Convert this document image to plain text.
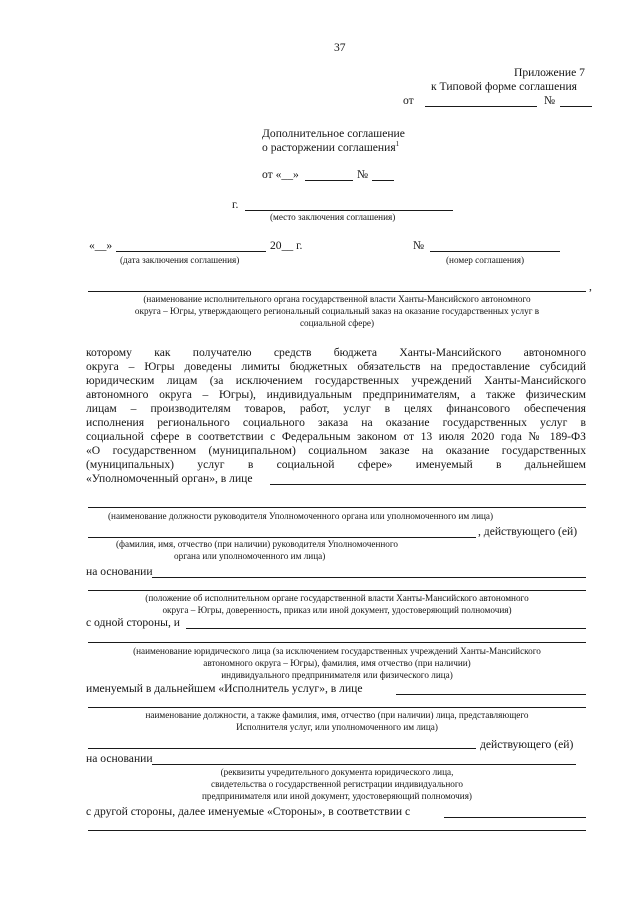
37
Приложение 7
к Типовой форме соглашения
от	№
Дополнительное соглашение
о расторжении соглашения$^1$
от «__»	№
г.
(место заключения соглашения)
«__»	20__ г.	№
(дата заключения соглашения)	(номер соглашения)
,
(наименование исполнительного органа государственной власти Ханты-Мансийского автономного
округа – Югры, утверждающего региональный социальный заказ на оказание государственных услуг в
социальной сфере)
которому как получателю средств бюджета Ханты-Мансийского автономного
округа – Югры доведены лимиты бюджетных обязательств на предоставление субсидий
юридическим лицам (за исключением государственных учреждений Ханты-Мансийского
автономного округа – Югры), индивидуальным предпринимателям, а также физическим
лицам – производителям товаров, работ, услуг в целях финансового обеспечения
исполнения регионального социального заказа на оказание государственных услуг в
социальной сфере в соответствии с Федеральным законом от 13 июля 2020 года № 189-ФЗ
«О государственном (муниципальном) социальном заказе на оказание государственных
(муниципальных) услуг в социальной сфере» именуемый в дальнейшем
«Уполномоченный орган», в лице
(наименование должности руководителя Уполномоченного органа или уполномоченного им лица)
, действующего (ей)
(фамилия, имя, отчество (при наличии) руководителя Уполномоченного
органа или уполномоченного им лица)
на основании
(положение об исполнительном органе государственной власти Ханты-Мансийского автономного
округа – Югры, доверенность, приказ или иной документ, удостоверяющий полномочия)
с одной стороны, и
(наименование юридического лица (за исключением государственных учреждений Ханты-Мансийского
автономного округа – Югры), фамилия, имя отчество (при наличии)
индивидуального предпринимателя или физического лица)
именуемый в дальнейшем «Исполнитель услуг», в лице
наименование должности, а также фамилия, имя, отчество (при наличии) лица, представляющего
Исполнителя услуг, или уполномоченного им лица)
действующего (ей)
на основании
(реквизиты учредительного документа юридического лица,
свидетельства о государственной регистрации индивидуального
предпринимателя или иной документ, удостоверяющий полномочия)
с другой стороны, далее именуемые «Стороны», в соответствии с
